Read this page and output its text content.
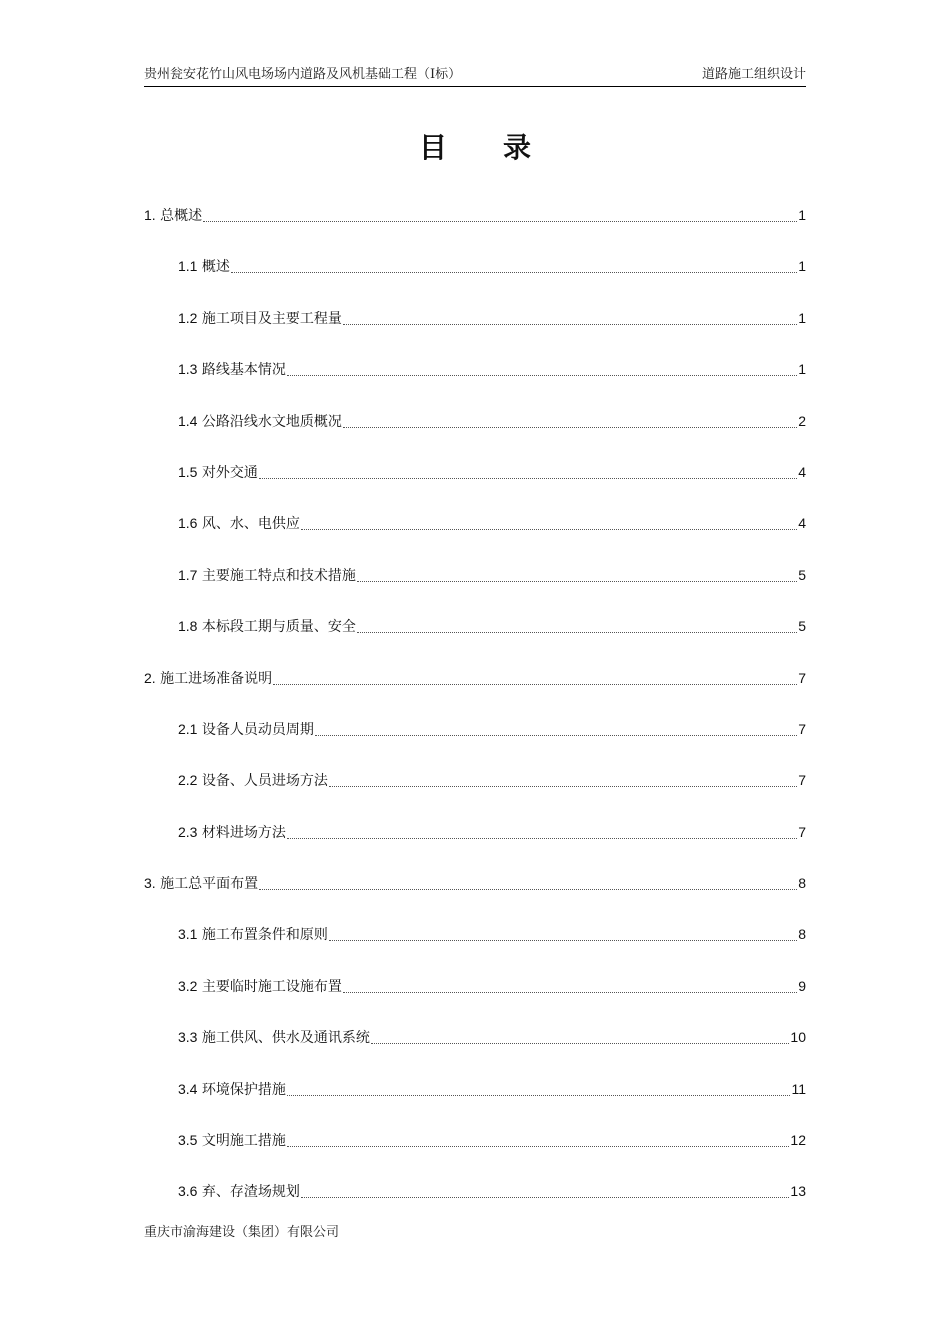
贵州瓮安花竹山风电场场内道路及风机基础工程（Ⅰ标）	道路施工组织设计
目录
1. 总概述	1
1.1 概述	1
1.2 施工项目及主要工程量	1
1.3 路线基本情况	1
1.4 公路沿线水文地质概况	2
1.5 对外交通	4
1.6 风、水、电供应	4
1.7 主要施工特点和技术措施	5
1.8 本标段工期与质量、安全	5
2. 施工进场准备说明	7
2.1 设备人员动员周期	7
2.2 设备、人员进场方法	7
2.3 材料进场方法	7
3. 施工总平面布置	8
3.1 施工布置条件和原则	8
3.2 主要临时施工设施布置	9
3.3 施工供风、供水及通讯系统	10
3.4 环境保护措施	11
3.5 文明施工措施	12
3.6 弃、存渣场规划	13
重庆市渝海建设（集团）有限公司
